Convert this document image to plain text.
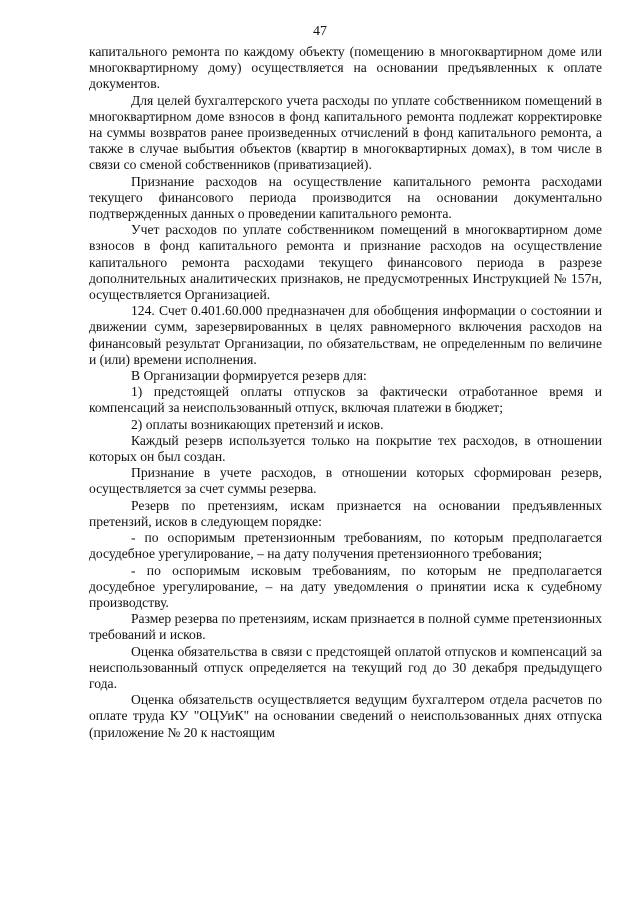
47

капитального ремонта по каждому объекту (помещению в многоквартирном доме или многоквартирному дому) осуществляется на основании предъявленных к оплате документов.

Для целей бухгалтерского учета расходы по уплате собственником помещений в многоквартирном доме взносов в фонд капитального ремонта подлежат корректировке на суммы возвратов ранее произведенных отчислений в фонд капитального ремонта, а также в случае выбытия объектов (квартир в многоквартирных домах), в том числе в связи со сменой собственников (приватизацией).

Признание расходов на осуществление капитального ремонта расходами текущего финансового периода производится на основании документально подтвержденных данных о проведении капитального ремонта.

Учет расходов по уплате собственником помещений в многоквартирном доме взносов в фонд капитального ремонта и признание расходов на осуществление капитального ремонта расходами текущего финансового периода в разрезе дополнительных аналитических признаков, не предусмотренных Инструкцией № 157н, осуществляется Организацией.

124. Счет 0.401.60.000 предназначен для обобщения информации о состоянии и движении сумм, зарезервированных в целях равномерного включения расходов на финансовый результат Организации, по обязательствам, не определенным по величине и (или) времени исполнения.

В Организации формируется резерв для:

1) предстоящей оплаты отпусков за фактически отработанное время и компенсаций за неиспользованный отпуск, включая платежи в бюджет;

2) оплаты возникающих претензий и исков.

Каждый резерв используется только на покрытие тех расходов, в отношении которых он был создан.

Признание в учете расходов, в отношении которых сформирован резерв, осуществляется за счет суммы резерва.

Резерв по претензиям, искам признается на основании предъявленных претензий, исков в следующем порядке:

- по оспоримым претензионным требованиям, по которым предполагается досудебное урегулирование, – на дату получения претензионного требования;

- по оспоримым исковым требованиям, по которым не предполагается досудебное урегулирование, – на дату уведомления о принятии иска к судебному производству.

Размер резерва по претензиям, искам признается в полной сумме претензионных требований и исков.

Оценка обязательства в связи с предстоящей оплатой отпусков и компенсаций за неиспользованный отпуск определяется на текущий год до 30 декабря предыдущего года.

Оценка обязательств осуществляется ведущим бухгалтером отдела расчетов по оплате труда КУ "ОЦУиК" на основании сведений о неиспользованных днях отпуска (приложение № 20 к настоящим
